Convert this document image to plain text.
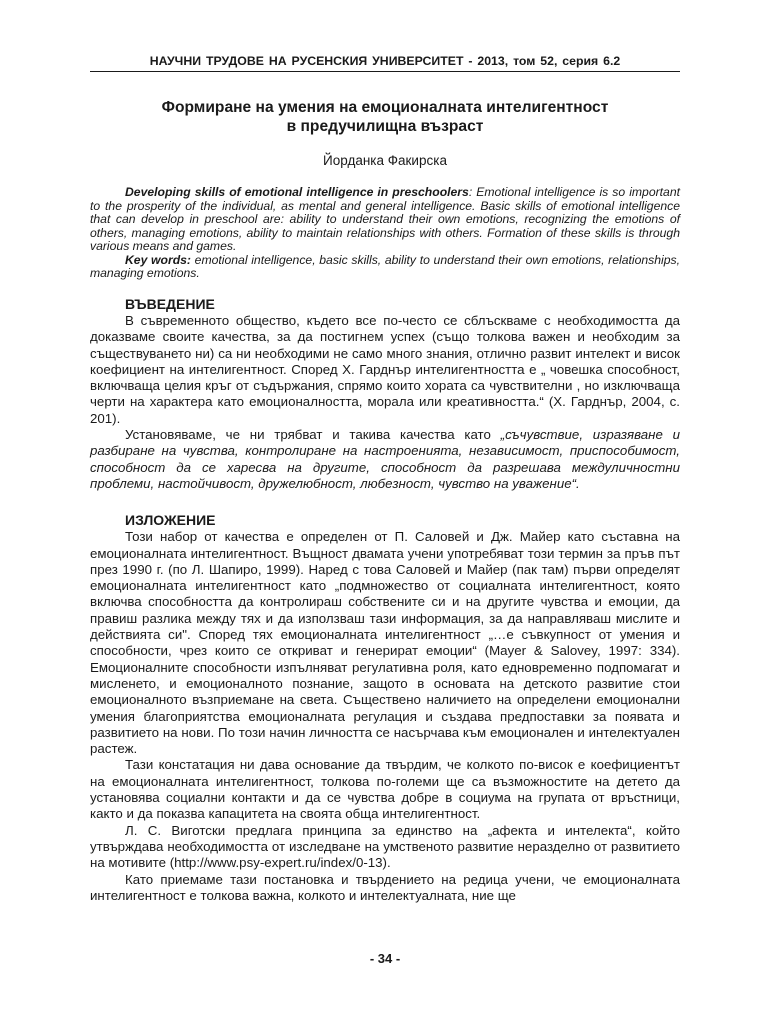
НАУЧНИ ТРУДОВЕ НА РУСЕНСКИЯ УНИВЕРСИТЕТ - 2013, том 52, серия 6.2
Формиране на умения на емоционалната интелигентност
в предучилищна възраст
Йорданка Факирска

Developing skills of emotional intelligence in preschoolers: Emotional intelligence is so important to the prosperity of the individual, as mental and general intelligence. Basic skills of emotional intelligence that can develop in preschool are: ability to understand their own emotions, recognizing the emotions of others, managing emotions, ability to maintain relationships with others. Formation of these skills is through various means and games.

Key words: emotional intelligence, basic skills, ability to understand their own emotions, relationships, managing emotions.

ВЪВЕДЕНИЕ

В съвременното общество, където все по-често се сблъскваме с необходимостта да доказваме своите качества, за да постигнем успех (също толкова важен и необходим за съществуването ни) са ни необходими не само много знания, отлично развит интелект и висок коефициент на интелигентност. Според Х. Гарднър интелигентността е „ човешка способност, включваща целия кръг от съдържания, спрямо които хората са чувствителни , но изключваща черти на характера като емоционалността, морала или креативността.“ (Х. Гарднър, 2004, с. 201).

Установяваме, че ни трябват и такива качества като „съчувствие, изразяване и разбиране на чувства, контролиране на настроенията, независимост, приспособимост, способност да се харесва на другите, способност да разрешава междуличностни проблеми, настойчивост, дружелюбност, любезност, чувство на уважение“.

ИЗЛОЖЕНИЕ

Този набор от качества е определен от П. Саловей и Дж. Майер като съставна на емоционалната интелигентност. Въщност двамата учени употребяват този термин за пръв път през 1990 г. (по Л. Шапиро, 1999). Наред с това Саловей и Майер (пак там) първи определят емоционалната интелигентност като „подмножество от социалната интелигентност, която включва способността да контролираш собствените си и на другите чувства и емоции, да правиш разлика между тях и да използваш тази информация, за да направляваш мислите и действията си". Според тях емоционалната интелигентност „…е съвкупност от умения и способности, чрез които се откриват и генерират емоции“ (Mayer & Salovey, 1997: 334). Емоционалните способности изпълняват регулативна роля, като едновременно подпомагат и мисленето, и емоционалното познание, защото в основата на детското развитие стои емоционалното възприемане на света. Съществено наличието на определени емоционални умения благоприятства емоционалната регулация и създава предпоставки за появата и развитието на нови. По този начин личността се насърчава към емоционален и интелектуален растеж.

Тази констатация ни дава основание да твърдим, че колкото по-висок е коефициентът на емоционалната интелигентност, толкова по-големи ще са възможностите на детето да установява социални контакти и да се чувства добре в социума на групата от връстници, както и да показва капацитета на своята обща интелигентност.

Л. С. Виготски предлага принципа за единство на „афекта и интелекта“, който утвърждава необходимостта от изследване на умственото развитие неразделно от развитието на мотивите (http://www.psy-expert.ru/index/0-13).

Като приемаме тази постановка и твърдението на редица учени, че емоционалната интелигентност е толкова важна, колкото и интелектуалната, ние ще

- 34 -
